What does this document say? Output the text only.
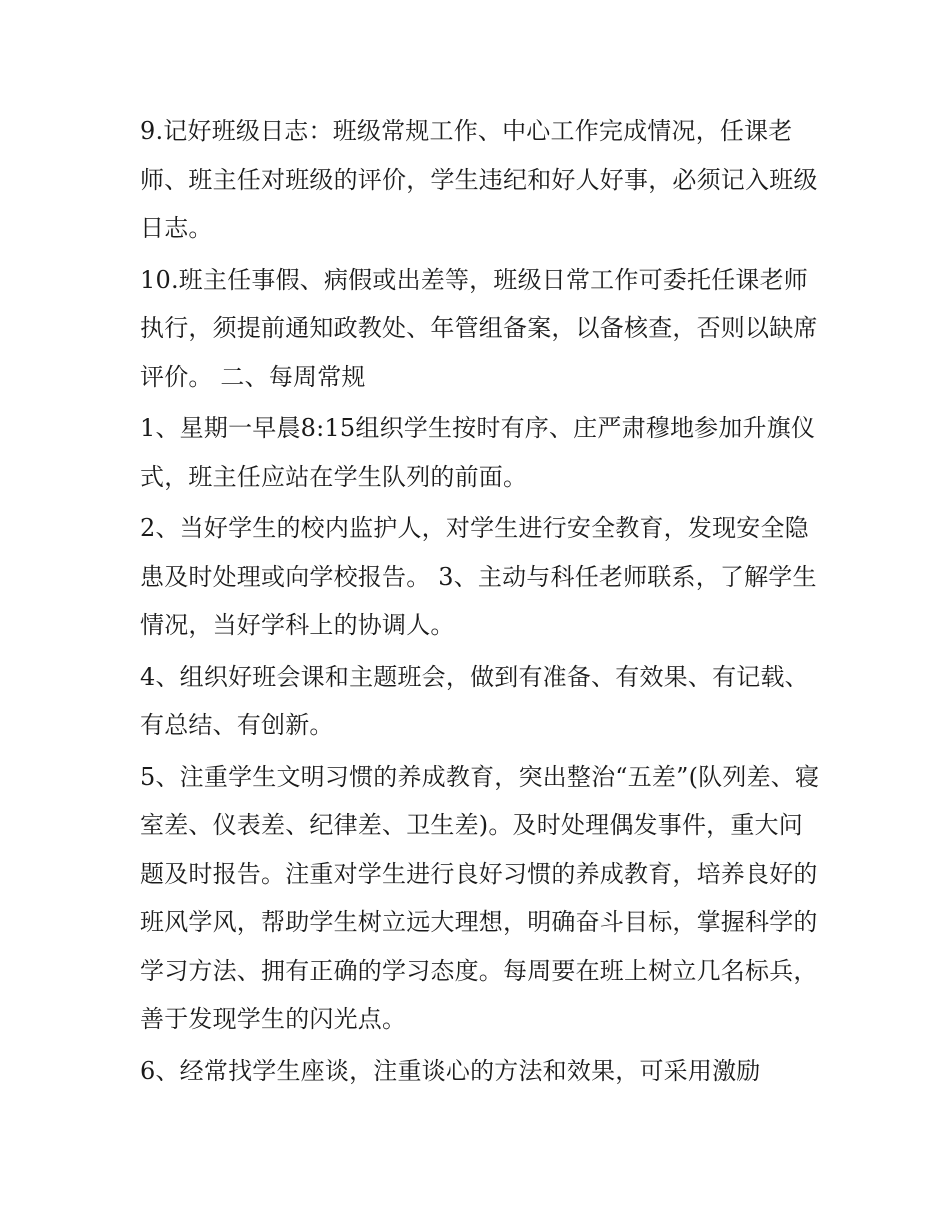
9.记好班级日志：班级常规工作、中心工作完成情况，任课老师、班主任对班级的评价，学生违纪和好人好事，必须记入班级日志。

10.班主任事假、病假或出差等，班级日常工作可委托任课老师执行，须提前通知政教处、年管组备案，以备核查，否则以缺席评价。 二、每周常规

1、星期一早晨8:15组织学生按时有序、庄严肃穆地参加升旗仪式，班主任应站在学生队列的前面。

2、当好学生的校内监护人，对学生进行安全教育，发现安全隐患及时处理或向学校报告。 3、主动与科任老师联系，了解学生情况，当好学科上的协调人。

4、组织好班会课和主题班会，做到有准备、有效果、有记载、有总结、有创新。

5、注重学生文明习惯的养成教育，突出整治“五差”(队列差、寝室差、仪表差、纪律差、卫生差)。及时处理偶发事件，重大问题及时报告。注重对学生进行良好习惯的养成教育，培养良好的班风学风，帮助学生树立远大理想，明确奋斗目标，掌握科学的学习方法、拥有正确的学习态度。每周要在班上树立几名标兵，善于发现学生的闪光点。

6、经常找学生座谈，注重谈心的方法和效果，可采用激励
